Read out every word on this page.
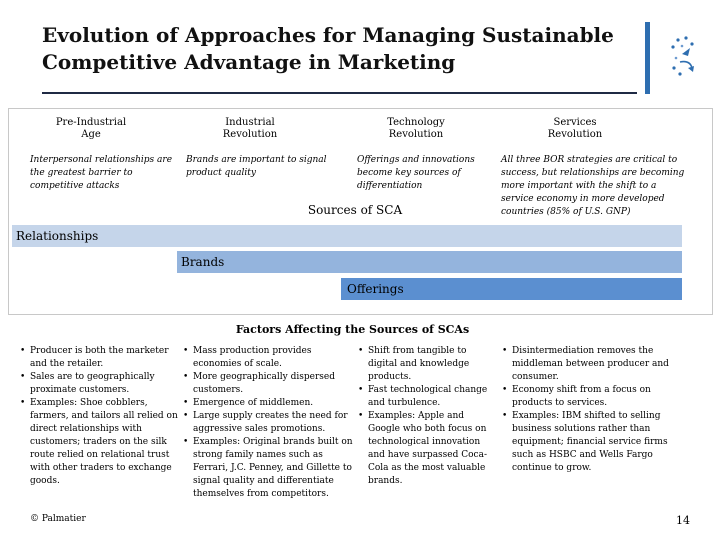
Evolution of Approaches for Managing Sustainable
Competitive Advantage in Marketing
Pre-Industrial
Age
Industrial
Revolution
Technology
Revolution
Services
Revolution
Interpersonal relationships are the greatest barrier to competitive attacks
Brands are important to signal product quality
Offerings and innovations become key sources of differentiation
All three BOR strategies are critical to success, but relationships are becoming more important with the shift to a service economy in more developed countries (85% of U.S. GNP)
Sources of SCA
Relationships
Brands
Offerings
Factors Affecting the Sources of SCAs
• Producer is both the marketer and the retailer.
• Sales are to geographically proximate customers.
• Examples: Shoe cobblers, farmers, and tailors all relied on direct relationships with customers; traders on the silk route relied on relational trust with other traders to exchange goods.
• Mass production provides economies of scale.
• More geographically dispersed customers.
• Emergence of middlemen.
• Large supply creates the need for aggressive sales promotions.
• Examples: Original brands built on strong family names such as Ferrari, J.C. Penney, and Gillette to signal quality and differentiate themselves from competitors.
• Shift from tangible to digital and knowledge products.
• Fast technological change and turbulence.
• Examples: Apple and Google who both focus on technological innovation and have surpassed Coca-Cola as the most valuable brands.
• Disintermediation removes the middleman between producer and consumer.
• Economy shift from a focus on products to services.
• Examples: IBM shifted to selling business solutions rather than equipment; financial service firms such as HSBC and Wells Fargo continue to grow.
© Palmatier	14
